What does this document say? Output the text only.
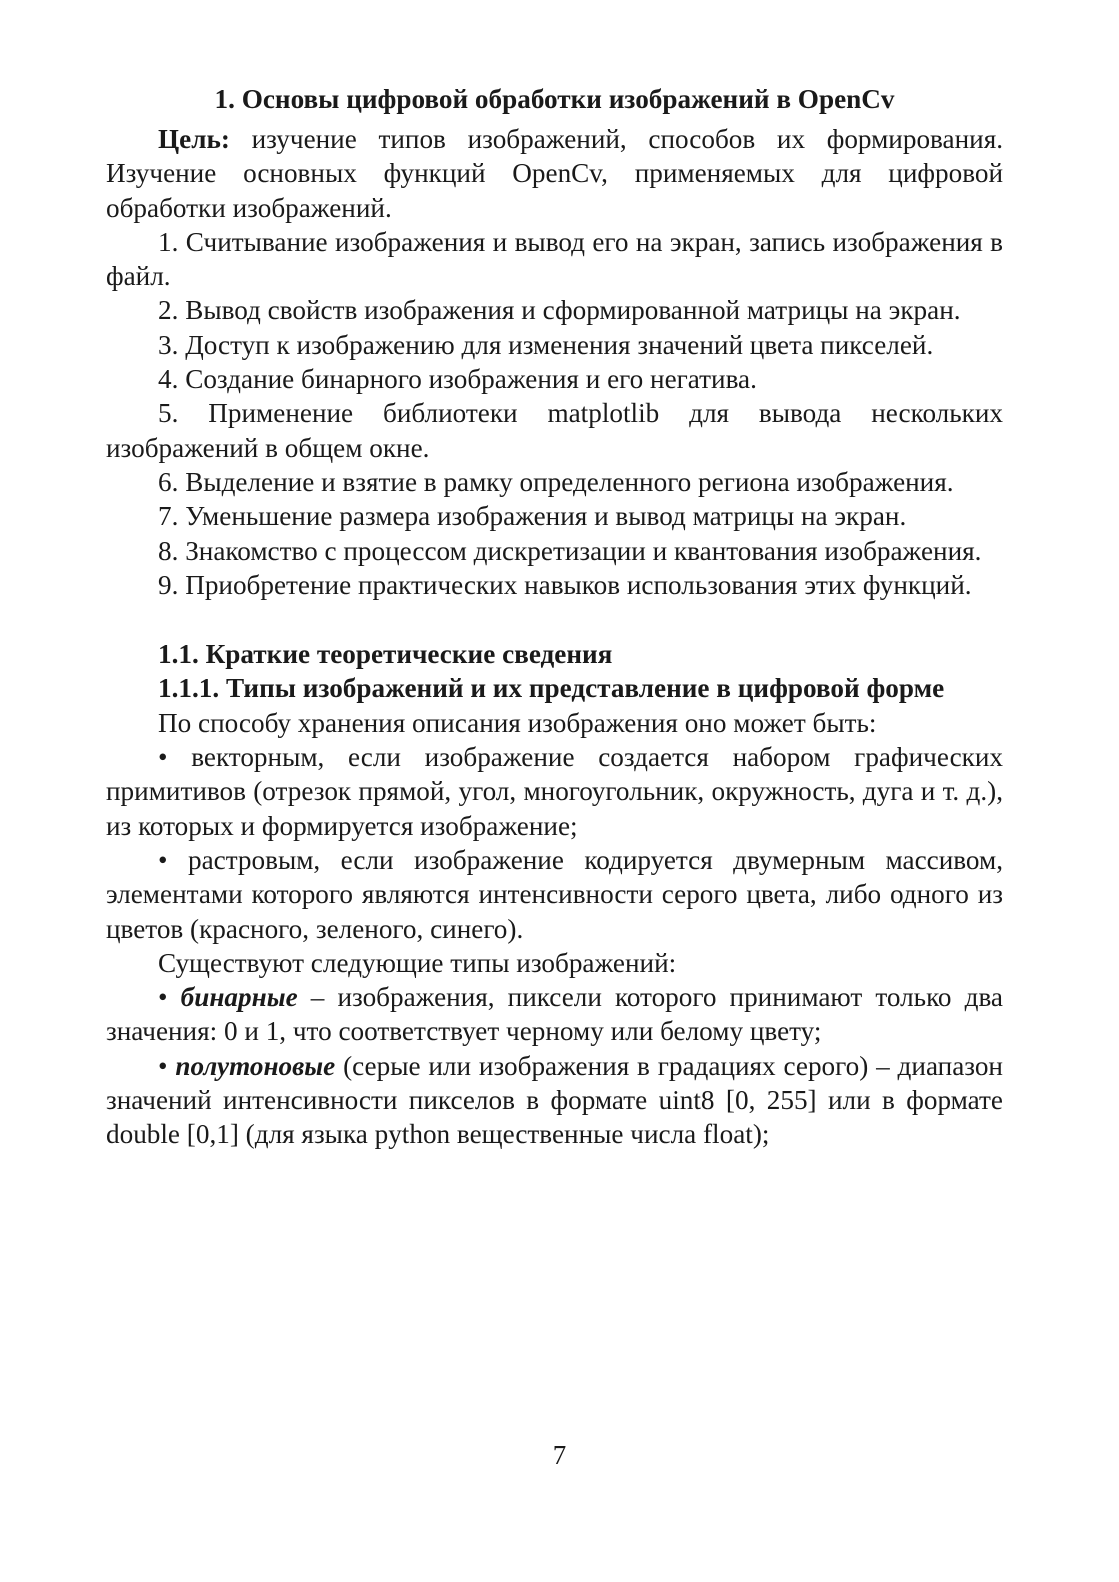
1. Основы цифровой обработки изображений в OpenCv

Цель: изучение типов изображений, способов их формирования. Изучение основных функций OpenCv, применяемых для цифровой обработки изображений.

1. Считывание изображения и вывод его на экран, запись изображения в файл.

2. Вывод свойств изображения и сформированной матрицы на экран.

3. Доступ к изображению для изменения значений цвета пикселей.

4. Создание бинарного изображения и его негатива.

5. Применение библиотеки matplotlib для вывода нескольких изображений в общем окне.

6. Выделение и взятие в рамку определенного региона изображения.

7. Уменьшение размера изображения и вывод матрицы на экран.

8. Знакомство с процессом дискретизации и квантования изображения.

9. Приобретение практических навыков использования этих функций.

1.1. Краткие теоретические сведения

1.1.1. Типы изображений и их представление в цифровой форме

По способу хранения описания изображения оно может быть:

• векторным, если изображение создается набором графических примитивов (отрезок прямой, угол, многоугольник, окружность, дуга и т. д.), из которых и формируется изображение;

• растровым, если изображение кодируется двумерным массивом, элементами которого являются интенсивности серого цвета, либо одного из цветов (красного, зеленого, синего).

Существуют следующие типы изображений:

• бинарные – изображения, пиксели которого принимают только два значения: 0 и 1, что соответствует черному или белому цвету;

• полутоновые (серые или изображения в градациях серого) – диапазон значений интенсивности пикселов в формате uint8 [0, 255] или в формате double [0,1] (для языка python вещественные числа float);

7
